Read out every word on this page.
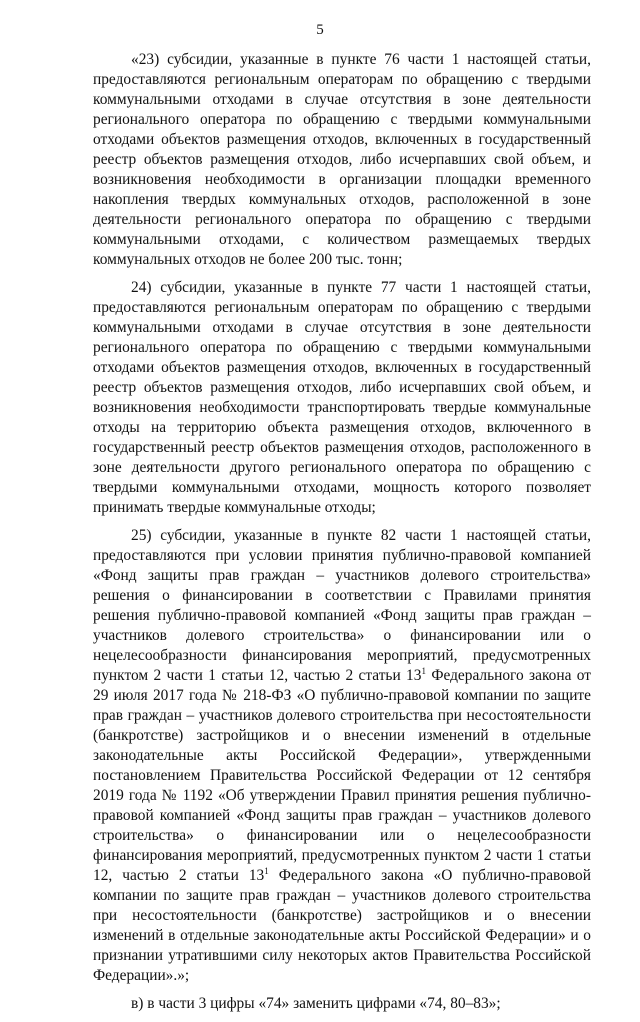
5

«23) субсидии, указанные в пункте 76 части 1 настоящей статьи, предоставляются региональным операторам по обращению с твердыми коммунальными отходами в случае отсутствия в зоне деятельности регионального оператора по обращению с твердыми коммунальными отходами объектов размещения отходов, включенных в государственный реестр объектов размещения отходов, либо исчерпавших свой объем, и возникновения необходимости в организации площадки временного накопления твердых коммунальных отходов, расположенной в зоне деятельности регионального оператора по обращению с твердыми коммунальными отходами, с количеством размещаемых твердых коммунальных отходов не более 200 тыс. тонн;

24) субсидии, указанные в пункте 77 части 1 настоящей статьи, предоставляются региональным операторам по обращению с твердыми коммунальными отходами в случае отсутствия в зоне деятельности регионального оператора по обращению с твердыми коммунальными отходами объектов размещения отходов, включенных в государственный реестр объектов размещения отходов, либо исчерпавших свой объем, и возникновения необходимости транспортировать твердые коммунальные отходы на территорию объекта размещения отходов, включенного в государственный реестр объектов размещения отходов, расположенного в зоне деятельности другого регионального оператора по обращению с твердыми коммунальными отходами, мощность которого позволяет принимать твердые коммунальные отходы;

25) субсидии, указанные в пункте 82 части 1 настоящей статьи, предоставляются при условии принятия публично-правовой компанией «Фонд защиты прав граждан – участников долевого строительства» решения о финансировании в соответствии с Правилами принятия решения публично-правовой компанией «Фонд защиты прав граждан – участников долевого строительства» о финансировании или о нецелесообразности финансирования мероприятий, предусмотренных пунктом 2 части 1 статьи 12, частью 2 статьи $13^1$ Федерального закона от 29 июля 2017 года № 218-ФЗ «О публично-правовой компании по защите прав граждан – участников долевого строительства при несостоятельности (банкротстве) застройщиков и о внесении изменений в отдельные законодательные акты Российской Федерации», утвержденными постановлением Правительства Российской Федерации от 12 сентября 2019 года № 1192 «Об утверждении Правил принятия решения публично-правовой компанией «Фонд защиты прав граждан – участников долевого строительства» о финансировании или о нецелесообразности финансирования мероприятий, предусмотренных пунктом 2 части 1 статьи 12, частью 2 статьи $13^1$ Федерального закона «О публично-правовой компании по защите прав граждан – участников долевого строительства при несостоятельности (банкротстве) застройщиков и о внесении изменений в отдельные законодательные акты Российской Федерации» и о признании утратившими силу некоторых актов Правительства Российской Федерации».»;

в) в части 3 цифры «74» заменить цифрами «74, 80–83»;
